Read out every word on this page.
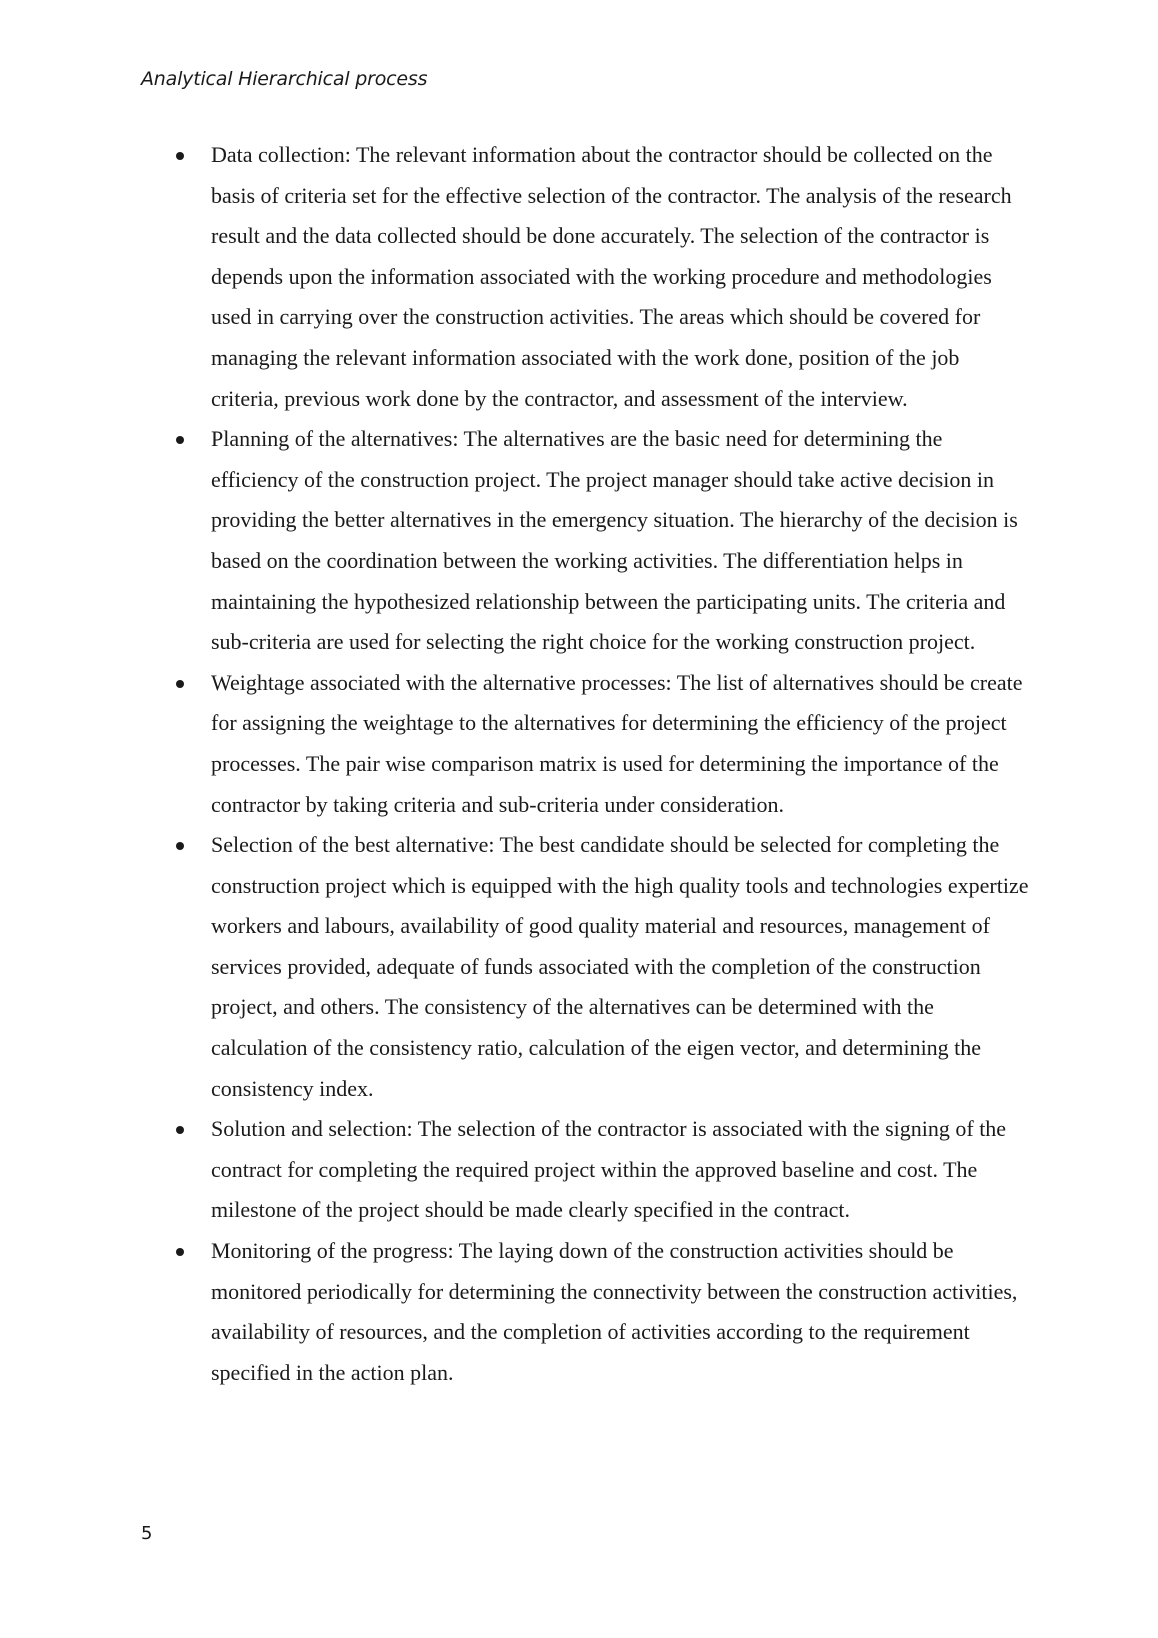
Analytical Hierarchical process

Data collection: The relevant information about the contractor should be collected on the basis of criteria set for the effective selection of the contractor. The analysis of the research result and the data collected should be done accurately. The selection of the contractor is depends upon the information associated with the working procedure and methodologies used in carrying over the construction activities. The areas which should be covered for managing the relevant information associated with the work done, position of the job criteria, previous work done by the contractor, and assessment of the interview.

Planning of the alternatives: The alternatives are the basic need for determining the efficiency of the construction project. The project manager should take active decision in providing the better alternatives in the emergency situation. The hierarchy of the decision is based on the coordination between the working activities. The differentiation helps in maintaining the hypothesized relationship between the participating units. The criteria and sub-criteria are used for selecting the right choice for the working construction project.

Weightage associated with the alternative processes: The list of alternatives should be create for assigning the weightage to the alternatives for determining the efficiency of the project processes. The pair wise comparison matrix is used for determining the importance of the contractor by taking criteria and sub-criteria under consideration.

Selection of the best alternative: The best candidate should be selected for completing the construction project which is equipped with the high quality tools and technologies expertize workers and labours, availability of good quality material and resources, management of services provided, adequate of funds associated with the completion of the construction project, and others. The consistency of the alternatives can be determined with the calculation of the consistency ratio, calculation of the eigen vector, and determining the consistency index.

Solution and selection: The selection of the contractor is associated with the signing of the contract for completing the required project within the approved baseline and cost. The milestone of the project should be made clearly specified in the contract.

Monitoring of the progress: The laying down of the construction activities should be monitored periodically for determining the connectivity between the construction activities, availability of resources, and the completion of activities according to the requirement specified in the action plan.

5
